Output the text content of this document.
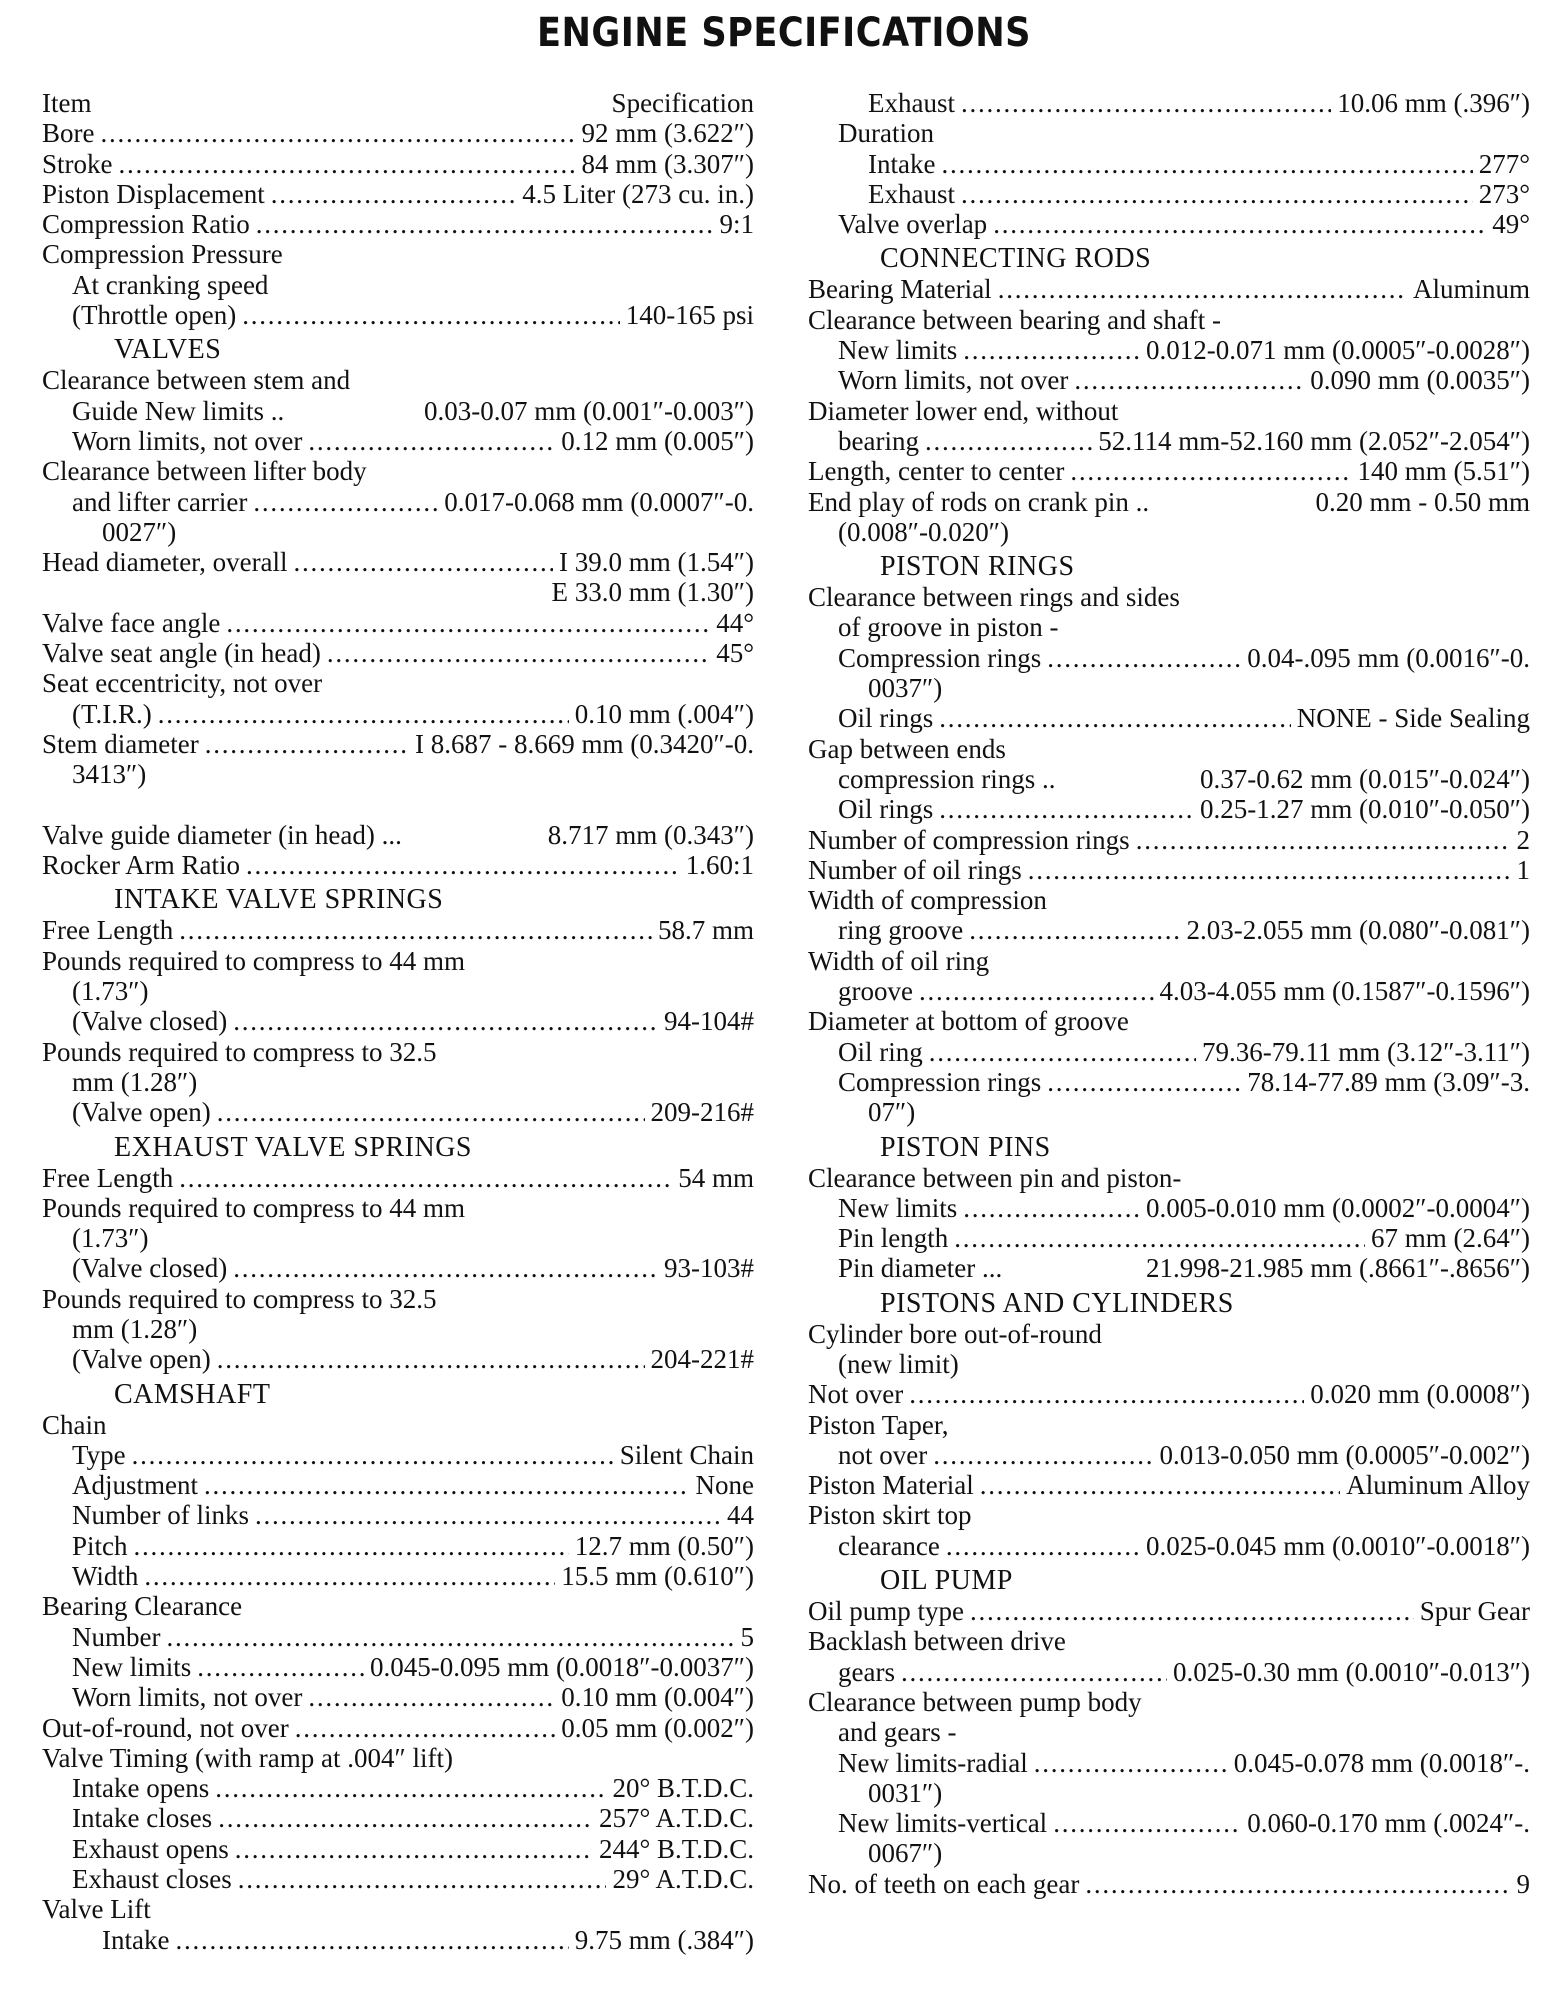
ENGINE SPECIFICATIONS
Item	Specification
Bore . . .	92 mm (3.622″)
Stroke . . .	84 mm (3.307″)
Piston Displacement . . .	4.5 Liter (273 cu. in.)
Compression Ratio . . .	9:1
Compression Pressure
At cranking speed
(Throttle open) . . .	140-165 psi
VALVES
Clearance between stem and
Guide New limits ..	0.03-0.07 mm (0.001″-0.003″)
Worn limits, not over . . .	0.12 mm (0.005″)
Clearance between lifter body
and lifter carrier . . .	0.017-0.068 mm (0.0007″-0.
0027″)
Head diameter, overall . . .	I 39.0 mm (1.54″)
E 33.0 mm (1.30″)
Valve face angle . . .	44°
Valve seat angle (in head) . . .	45°
Seat eccentricity, not over
(T.I.R.) . . .	0.10 mm (.004″)
Stem diameter . . .	I 8.687 - 8.669 mm (0.3420″-0.
3413″)
Valve guide diameter (in head) ...	8.717 mm (0.343″)
Rocker Arm Ratio . . .	1.60:1
INTAKE VALVE SPRINGS
Free Length . . .	58.7 mm
Pounds required to compress to 44 mm
(1.73″)
(Valve closed) . . .	94-104#
Pounds required to compress to 32.5
mm (1.28″)
(Valve open) . . .	209-216#
EXHAUST VALVE SPRINGS
Free Length . . .	54 mm
Pounds required to compress to 44 mm
(1.73″)
(Valve closed) . . .	93-103#
Pounds required to compress to 32.5
mm (1.28″)
(Valve open) . . .	204-221#
CAMSHAFT
Chain
Type . . .	Silent Chain
Adjustment . . .	None
Number of links . . .	44
Pitch . . .	12.7 mm (0.50″)
Width . . .	15.5 mm (0.610″)
Bearing Clearance
Number . . .	5
New limits . . .	0.045-0.095 mm (0.0018″-0.0037″)
Worn limits, not over . . .	0.10 mm (0.004″)
Out-of-round, not over . . .	0.05 mm (0.002″)
Valve Timing (with ramp at .004″ lift)
Intake opens . . .	20° B.T.D.C.
Intake closes . . .	257° A.T.D.C.
Exhaust opens . . .	244° B.T.D.C.
Exhaust closes . . .	29° A.T.D.C.
Valve Lift
Intake . . .	9.75 mm (.384″)
Exhaust . . .	10.06 mm (.396″)
Duration
Intake . . .	277°
Exhaust . . .	273°
Valve overlap . . .	49°
CONNECTING RODS
Bearing Material . . .	Aluminum
Clearance between bearing and shaft -
New limits . . .	0.012-0.071 mm (0.0005″-0.0028″)
Worn limits, not over . . .	0.090 mm (0.0035″)
Diameter lower end, without
bearing . . .	52.114 mm-52.160 mm (2.052″-2.054″)
Length, center to center . . .	140 mm (5.51″)
End play of rods on crank pin ..	0.20 mm - 0.50 mm
(0.008″-0.020″)
PISTON RINGS
Clearance between rings and sides
of groove in piston -
Compression rings . . .	0.04-.095 mm (0.0016″-0.
0037″)
Oil rings . . .	NONE - Side Sealing
Gap between ends
compression rings ..	0.37-0.62 mm (0.015″-0.024″)
Oil rings . . .	0.25-1.27 mm (0.010″-0.050″)
Number of compression rings . . .	2
Number of oil rings . . .	1
Width of compression
ring groove . . .	2.03-2.055 mm (0.080″-0.081″)
Width of oil ring
groove . . .	4.03-4.055 mm (0.1587″-0.1596″)
Diameter at bottom of groove
Oil ring . . .	79.36-79.11 mm (3.12″-3.11″)
Compression rings . . .	78.14-77.89 mm (3.09″-3.
07″)
PISTON PINS
Clearance between pin and piston-
New limits . . .	0.005-0.010 mm (0.0002″-0.0004″)
Pin length . . .	67 mm (2.64″)
Pin diameter ...	21.998-21.985 mm (.8661″-.8656″)
PISTONS AND CYLINDERS
Cylinder bore out-of-round
(new limit)
Not over . . .	0.020 mm (0.0008″)
Piston Taper,
not over . . .	0.013-0.050 mm (0.0005″-0.002″)
Piston Material . . .	Aluminum Alloy
Piston skirt top
clearance . . .	0.025-0.045 mm (0.0010″-0.0018″)
OIL PUMP
Oil pump type . . .	Spur Gear
Backlash between drive
gears . . .	0.025-0.30 mm (0.0010″-0.013″)
Clearance between pump body
and gears -
New limits-radial . . .	0.045-0.078 mm (0.0018″-.
0031″)
New limits-vertical . . .	0.060-0.170 mm (.0024″-.
0067″)
No. of teeth on each gear . . .	9
